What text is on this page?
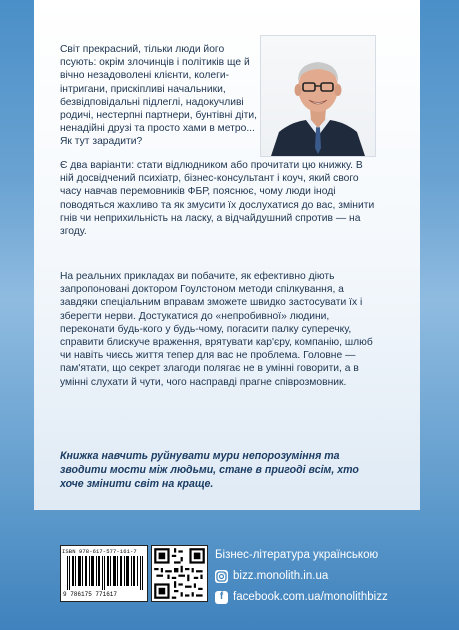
Світ прекрасний, тільки люди його псують: окрім злочинців і політиків ще й вічно незадоволені клієнти, колеги-інтригани, прискіпливі начальники, безвідповідальні підлеглі, надокучливі родичі, нестерпні партнери, бунтівні діти, ненадійні друзі та просто хами в метро... Як тут зарадити?
Є два варіанти: стати відлюдником або прочитати цю книжку. В ній досвідчений психіатр, бізнес-консультант і коуч, який свого часу навчав перемовників ФБР, пояснює, чому люди іноді поводяться жахливо та як змусити їх дослухатися до вас, змінити гнів чи неприхильність на ласку, а відчайдушний спротив — на згоду.
На реальних прикладах ви побачите, як ефективно діють запропоновані доктором Гоулстоном методи спілкування, а завдяки спеціальним вправам зможете швидко застосувати їх і зберегти нерви. Достукатися до «непробивної» людини, переконати будь-кого у будь-чому, погасити палку суперечку, справити блискуче враження, врятувати кар'єру, компанію, шлюб чи навіть чиєсь життя тепер для вас не проблема. Головне — пам'ятати, що секрет злагоди полягає не в умінні говорити, а в умінні слухати й чути, чого насправді прагне співрозмовник.
Книжка навчить руйнувати мури непорозуміння та зводити мости між людьми, стане в пригоді всім, хто хоче змінити світ на краще.
ISBN 978-617-577-161-7
9 786175 771617
Бізнес-література українською
bizz.monolith.in.ua
f facebook.com.ua/monolithbizz
